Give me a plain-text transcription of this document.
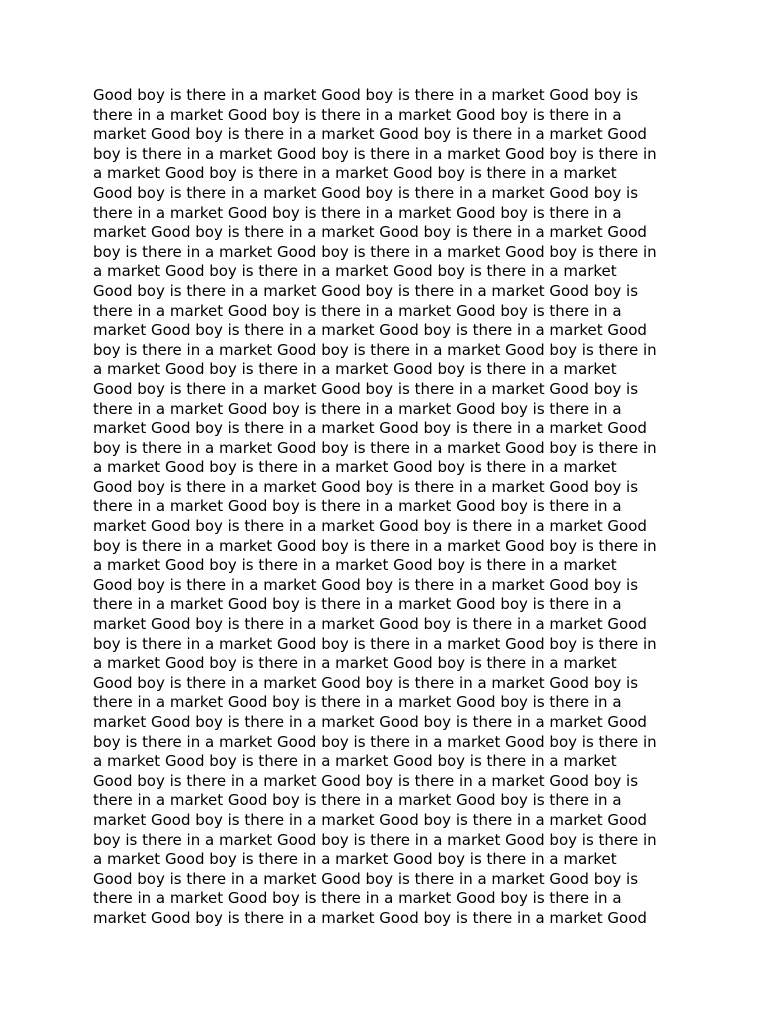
Good boy is there in a market Good boy is there in a market Good boy is
there in a market Good boy is there in a market Good boy is there in a
market Good boy is there in a market Good boy is there in a market Good
boy is there in a market Good boy is there in a market Good boy is there in
a market Good boy is there in a market Good boy is there in a market
Good boy is there in a market Good boy is there in a market Good boy is
there in a market Good boy is there in a market Good boy is there in a
market Good boy is there in a market Good boy is there in a market Good
boy is there in a market Good boy is there in a market Good boy is there in
a market Good boy is there in a market Good boy is there in a market
Good boy is there in a market Good boy is there in a market Good boy is
there in a market Good boy is there in a market Good boy is there in a
market Good boy is there in a market Good boy is there in a market Good
boy is there in a market Good boy is there in a market Good boy is there in
a market Good boy is there in a market Good boy is there in a market
Good boy is there in a market Good boy is there in a market Good boy is
there in a market Good boy is there in a market Good boy is there in a
market Good boy is there in a market Good boy is there in a market Good
boy is there in a market Good boy is there in a market Good boy is there in
a market Good boy is there in a market Good boy is there in a market
Good boy is there in a market Good boy is there in a market Good boy is
there in a market Good boy is there in a market Good boy is there in a
market Good boy is there in a market Good boy is there in a market Good
boy is there in a market Good boy is there in a market Good boy is there in
a market Good boy is there in a market Good boy is there in a market
Good boy is there in a market Good boy is there in a market Good boy is
there in a market Good boy is there in a market Good boy is there in a
market Good boy is there in a market Good boy is there in a market Good
boy is there in a market Good boy is there in a market Good boy is there in
a market Good boy is there in a market Good boy is there in a market
Good boy is there in a market Good boy is there in a market Good boy is
there in a market Good boy is there in a market Good boy is there in a
market Good boy is there in a market Good boy is there in a market Good
boy is there in a market Good boy is there in a market Good boy is there in
a market Good boy is there in a market Good boy is there in a market
Good boy is there in a market Good boy is there in a market Good boy is
there in a market Good boy is there in a market Good boy is there in a
market Good boy is there in a market Good boy is there in a market Good
boy is there in a market Good boy is there in a market Good boy is there in
a market Good boy is there in a market Good boy is there in a market
Good boy is there in a market Good boy is there in a market Good boy is
there in a market Good boy is there in a market Good boy is there in a
market Good boy is there in a market Good boy is there in a market Good
